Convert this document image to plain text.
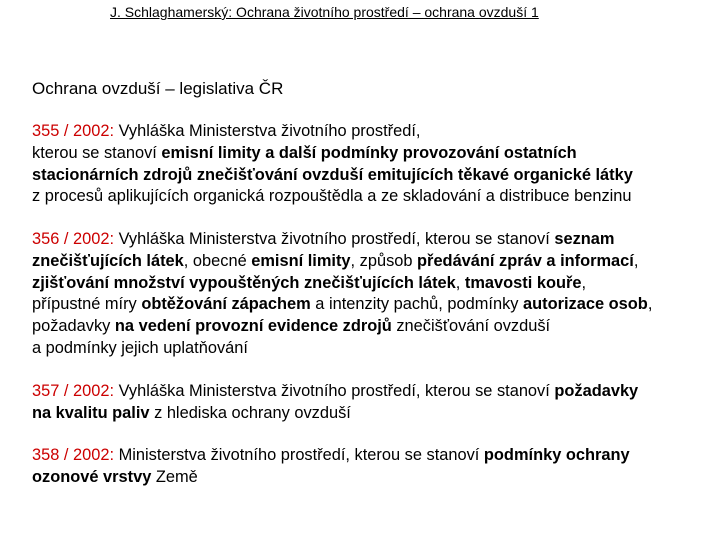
J. Schlaghamerský: Ochrana životního prostředí – ochrana ovzduší 1
Ochrana ovzduší – legislativa ČR
355 / 2002: Vyhláška Ministerstva životního prostředí,
kterou se stanoví emisní limity a další podmínky provozování ostatních
stacionárních zdrojů znečišťování ovzduší emitujících těkavé organické látky
z procesů aplikujících organická rozpouštědla a ze skladování a distribuce benzinu
356 / 2002: Vyhláška Ministerstva životního prostředí, kterou se stanoví seznam
znečišťujících látek, obecné emisní limity, způsob předávání zpráv a informací,
zjišťování množství vypouštěných znečišťujících látek, tmavosti kouře,
přípustné míry obtěžování zápachem a intenzity pachů, podmínky autorizace osob,
požadavky na vedení provozní evidence zdrojů znečišťování ovzduší
a podmínky jejich uplatňování
357 / 2002: Vyhláška Ministerstva životního prostředí, kterou se stanoví požadavky
na kvalitu paliv z hlediska ochrany ovzduší
358 / 2002: Ministerstva životního prostředí, kterou se stanoví podmínky ochrany
ozonové vrstvy Země
